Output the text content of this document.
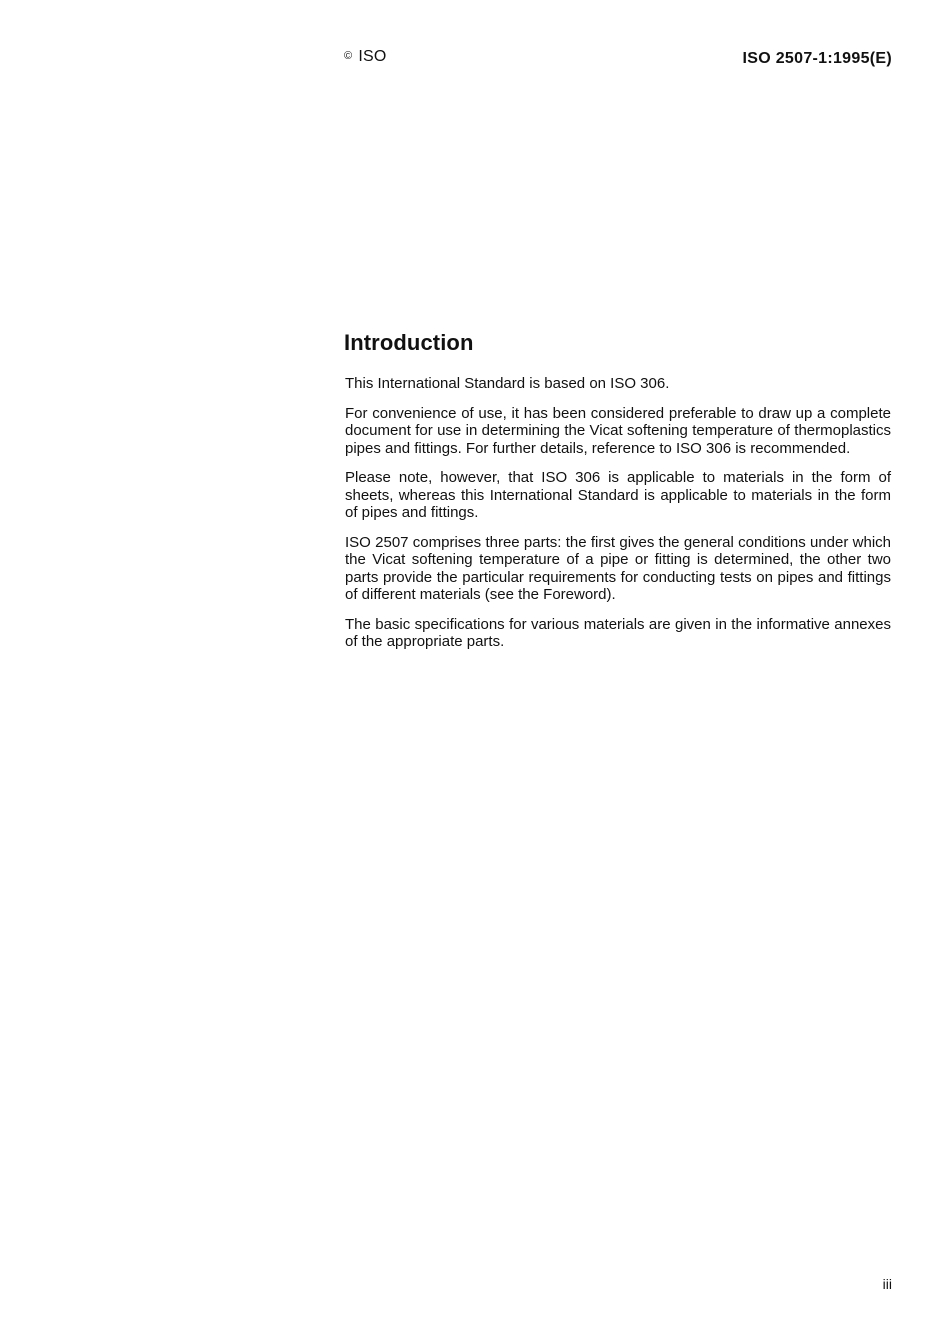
© ISO	ISO 2507-1:1995(E)
Introduction

This International Standard is based on ISO 306.

For convenience of use, it has been considered preferable to draw up a complete document for use in determining the Vicat softening temperature of thermoplastics pipes and fittings. For further details, reference to ISO 306 is recommended.

Please note, however, that ISO 306 is applicable to materials in the form of sheets, whereas this International Standard is applicable to materials in the form of pipes and fittings.

ISO 2507 comprises three parts: the first gives the general conditions under which the Vicat softening temperature of a pipe or fitting is determined, the other two parts provide the particular requirements for conducting tests on pipes and fittings of different materials (see the Foreword).

The basic specifications for various materials are given in the informative annexes of the appropriate parts.

iii
